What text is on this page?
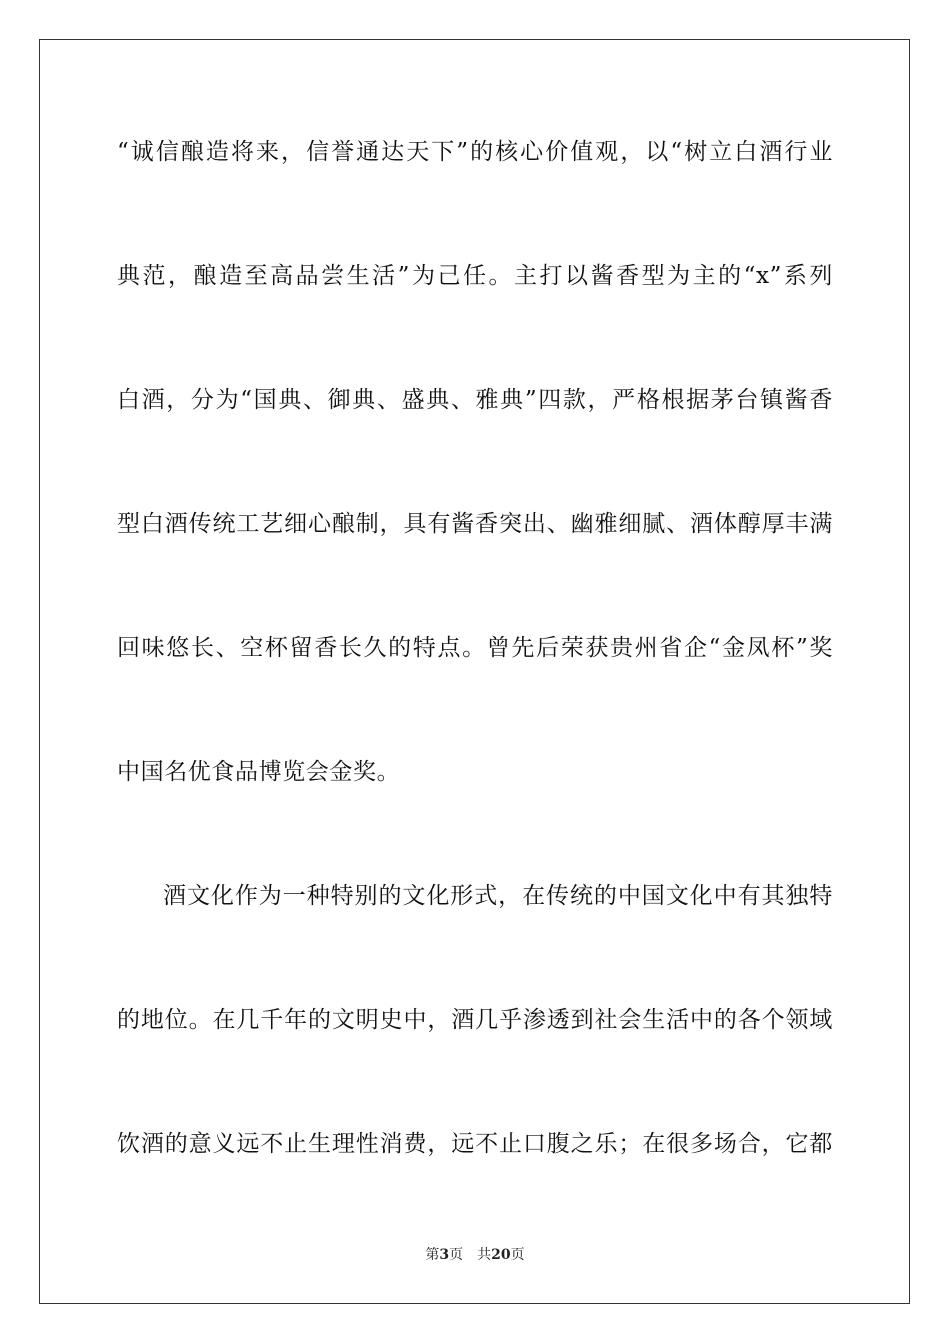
“诚信酿造将来，信誉通达天下”的核心价值观，以“树立白酒行业
典范，酿造至高品尝生活”为己任。主打以酱香型为主的“x”系列
白酒，分为“国典、御典、盛典、雅典”四款，严格根据茅台镇酱香
型白酒传统工艺细心酿制，具有酱香突出、幽雅细腻、酒体醇厚丰满
回味悠长、空杯留香长久的特点。曾先后荣获贵州省企“金凤杯”奖
中国名优食品博览会金奖。
酒文化作为一种特别的文化形式，在传统的中国文化中有其独特
的地位。在几千年的文明史中，酒几乎渗透到社会生活中的各个领域
饮酒的意义远不止生理性消费，远不止口腹之乐；在很多场合，它都
第3页 共20页
